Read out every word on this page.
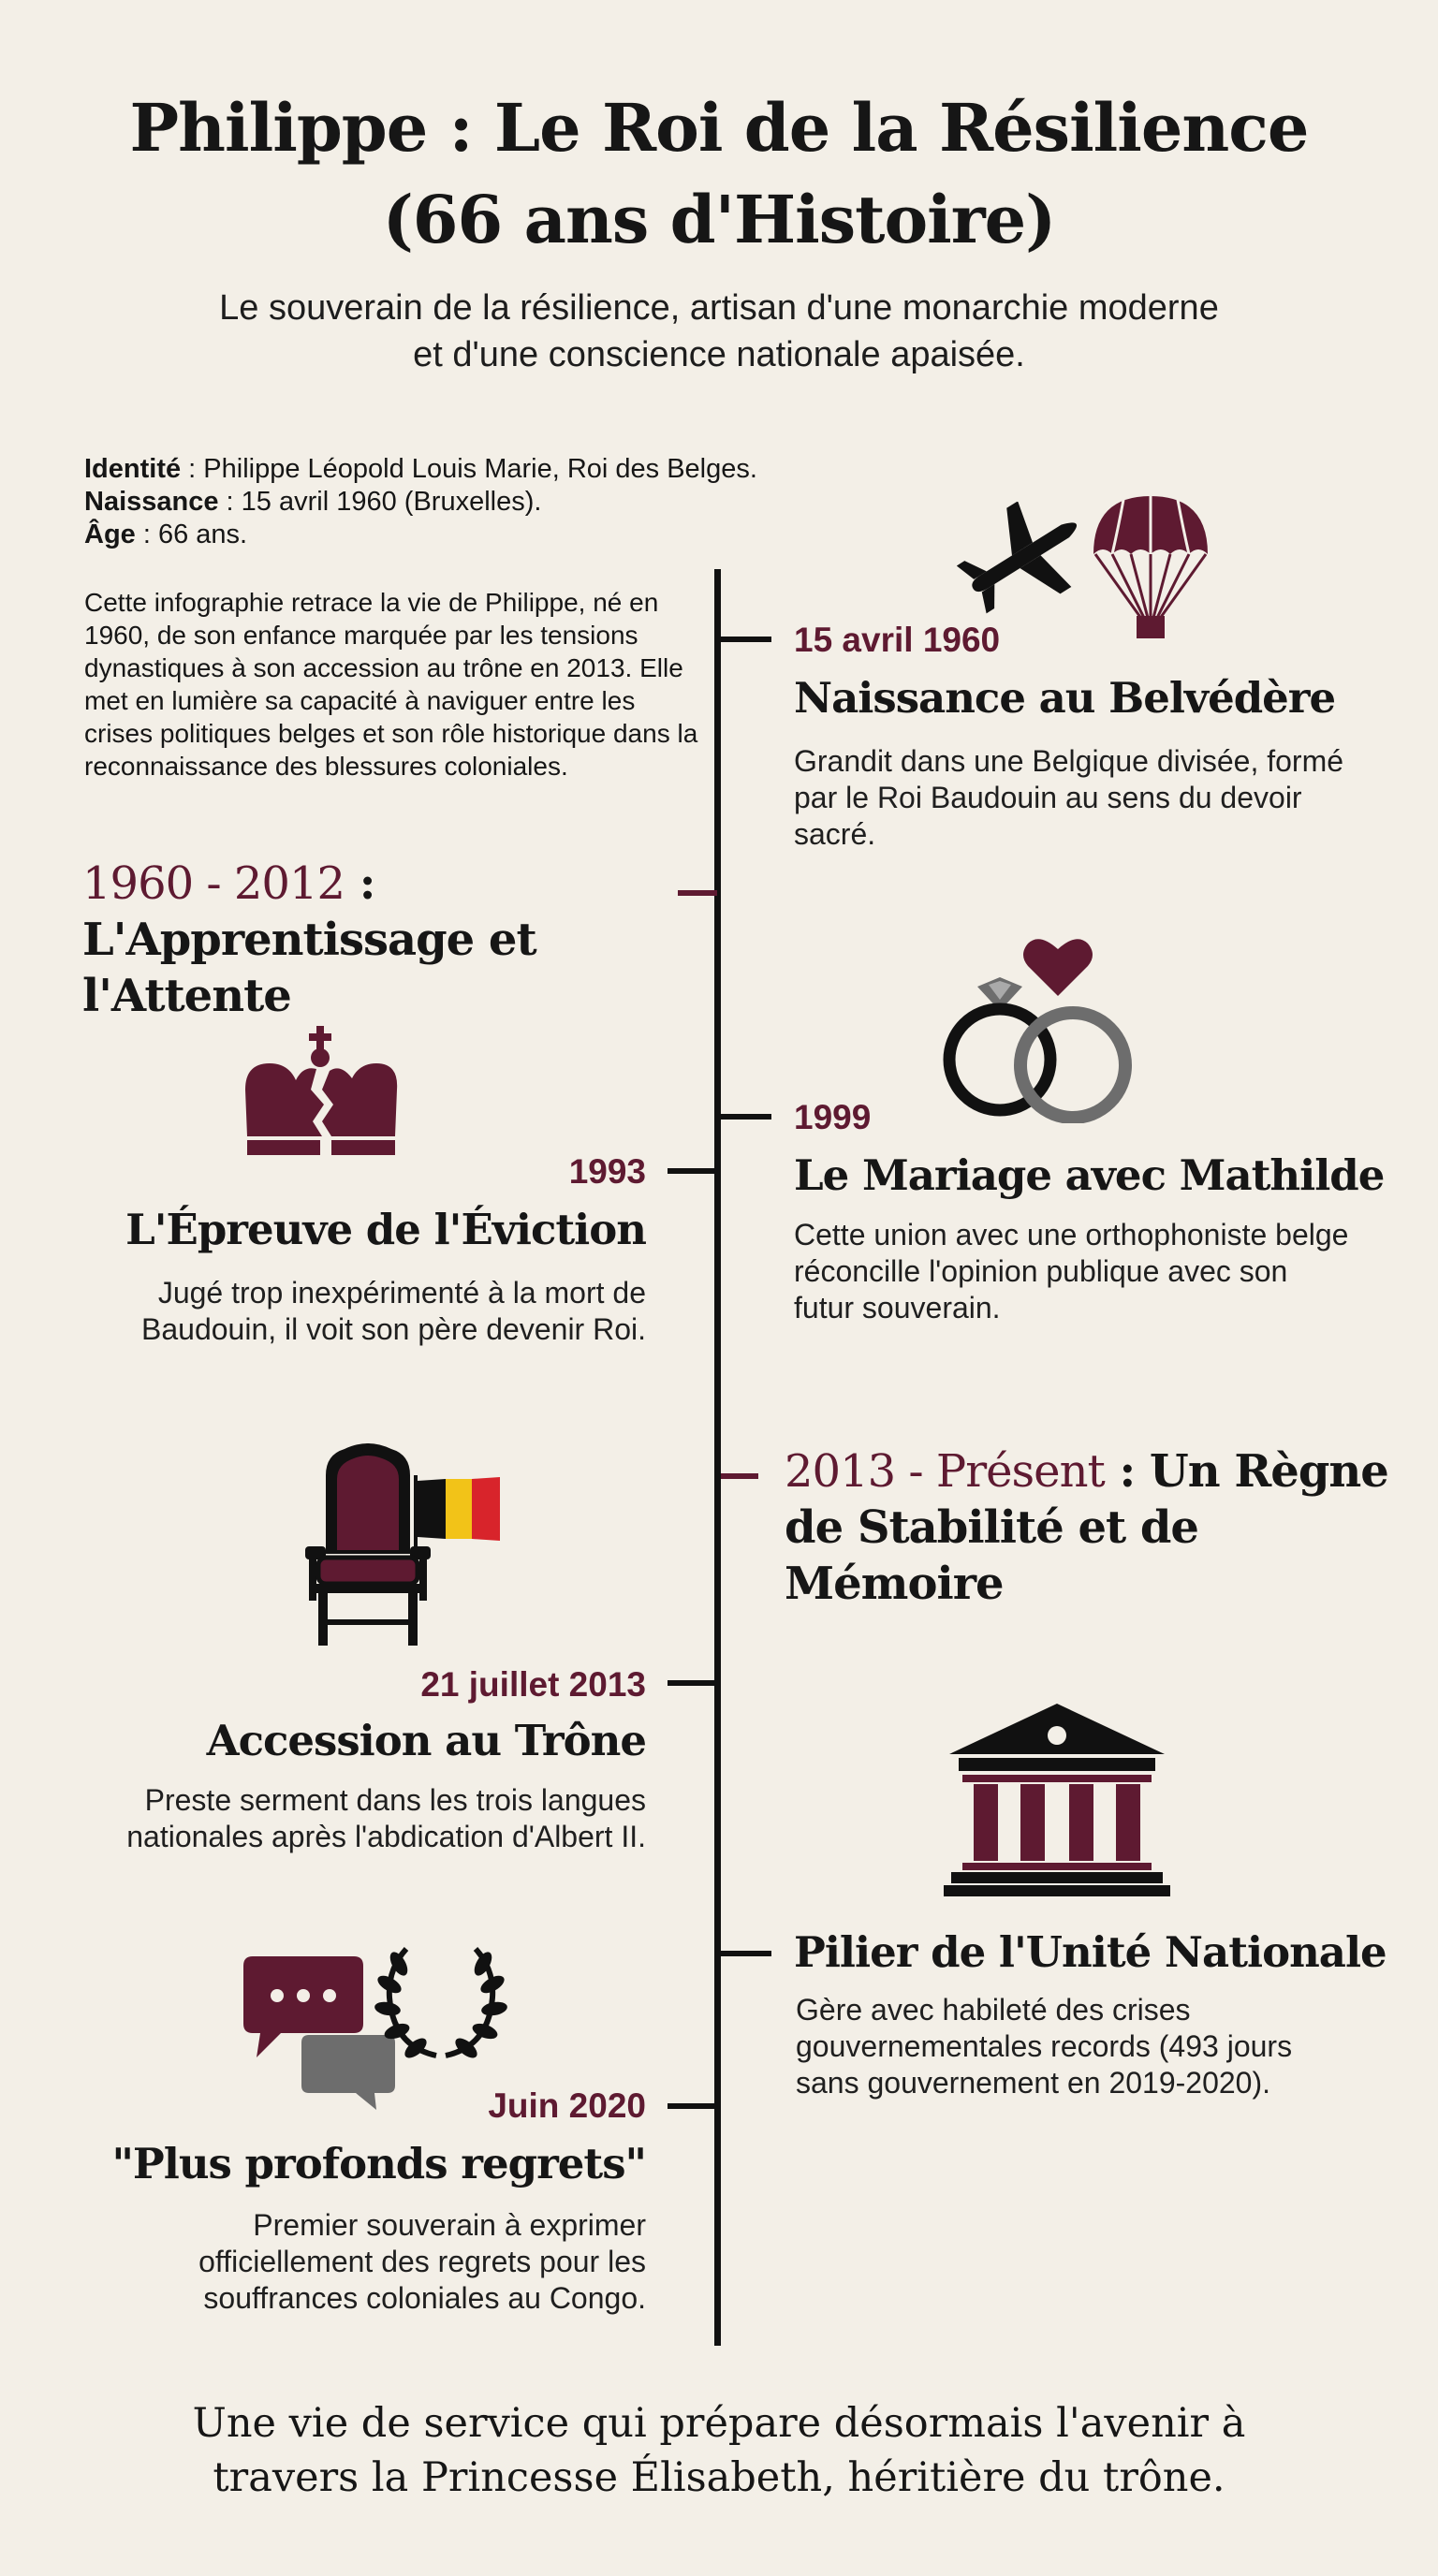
Philippe : Le Roi de la Résilience
(66 ans d'Histoire)
Le souverain de la résilience, artisan d'une monarchie moderne
et d'une conscience nationale apaisée.
Identité : Philippe Léopold Louis Marie, Roi des Belges.
Naissance : 15 avril 1960 (Bruxelles).
Âge : 66 ans.
Cette infographie retrace la vie de Philippe, né en 1960, de son enfance marquée par les tensions dynastiques à son accession au trône en 2013. Elle met en lumière sa capacité à naviguer entre les crises politiques belges et son rôle historique dans la reconnaissance des blessures coloniales.
1960 - 2012 :
L'Apprentissage et l'Attente
2013 - Présent : Un Règne
de Stabilité et de Mémoire
15 avril 1960
Naissance au Belvédère
Grandit dans une Belgique divisée, formé par le Roi Baudouin au sens du devoir sacré.
1993
L'Épreuve de l'Éviction
Jugé trop inexpérimenté à la mort de Baudouin, il voit son père devenir Roi.
1999
Le Mariage avec Mathilde
Cette union avec une orthophoniste belge réconcille l'opinion publique avec son futur souverain.
21 juillet 2013
Accession au Trône
Preste serment dans les trois langues nationales après l'abdication d'Albert II.
Pilier de l'Unité Nationale
Gère avec habileté des crises gouvernementales records (493 jours sans gouvernement en 2019-2020).
Juin 2020
"Plus profonds regrets"
Premier souverain à exprimer officiellement des regrets pour les souffrances coloniales au Congo.
Une vie de service qui prépare désormais l'avenir à
travers la Princesse Élisabeth, héritière du trône.
